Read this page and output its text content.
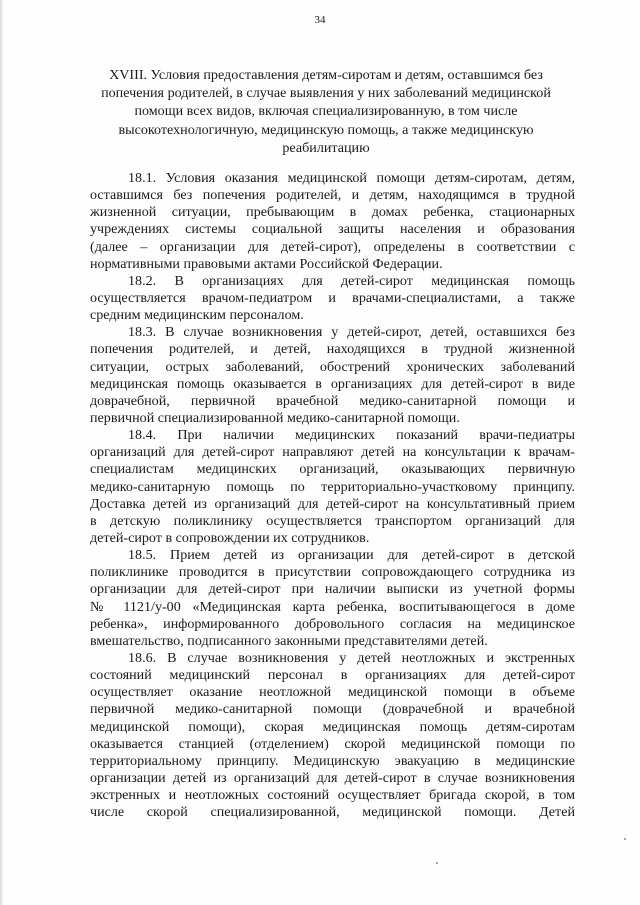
34
XVIII. Условия предоставления детям-сиротам и детям, оставшимся без
попечения родителей, в случае выявления у них заболеваний медицинской
помощи всех видов, включая специализированную, в том числе
высокотехнологичную, медицинскую помощь, а также медицинскую
реабилитацию
18.1. Условия оказания медицинской помощи детям-сиротам, детям,
оставшимся без попечения родителей, и детям, находящимся в трудной
жизненной ситуации, пребывающим в домах ребенка, стационарных
учреждениях системы социальной защиты населения и образования
(далее – организации для детей-сирот), определены в соответствии с
нормативными правовыми актами Российской Федерации.
18.2. В организациях для детей-сирот медицинская помощь
осуществляется врачом-педиатром и врачами-специалистами, а также
средним медицинским персоналом.
18.3. В случае возникновения у детей-сирот, детей, оставшихся без
попечения родителей, и детей, находящихся в трудной жизненной
ситуации, острых заболеваний, обострений хронических заболеваний
медицинская помощь оказывается в организациях для детей-сирот в виде
доврачебной, первичной врачебной медико-санитарной помощи и
первичной специализированной медико-санитарной помощи.
18.4. При наличии медицинских показаний врачи-педиатры
организаций для детей-сирот направляют детей на консультации к врачам-
специалистам медицинских организаций, оказывающих первичную
медико-санитарную помощь по территориально-участковому принципу.
Доставка детей из организаций для детей-сирот на консультативный прием
в детскую поликлинику осуществляется транспортом организаций для
детей-сирот в сопровождении их сотрудников.
18.5. Прием детей из организации для детей-сирот в детской
поликлинике проводится в присутствии сопровождающего сотрудника из
организации для детей-сирот при наличии выписки из учетной формы
№ 1121/у-00 «Медицинская карта ребенка, воспитывающегося в доме
ребенка», информированного добровольного согласия на медицинское
вмешательство, подписанного законными представителями детей.
18.6. В случае возникновения у детей неотложных и экстренных
состояний медицинский персонал в организациях для детей-сирот
осуществляет оказание неотложной медицинской помощи в объеме
первичной медико-санитарной помощи (доврачебной и врачебной
медицинской помощи), скорая медицинская помощь детям-сиротам
оказывается станцией (отделением) скорой медицинской помощи по
территориальному принципу. Медицинскую эвакуацию в медицинские
организации детей из организаций для детей-сирот в случае возникновения
экстренных и неотложных состояний осуществляет бригада скорой, в том
числе скорой специализированной, медицинской помощи. Детей
